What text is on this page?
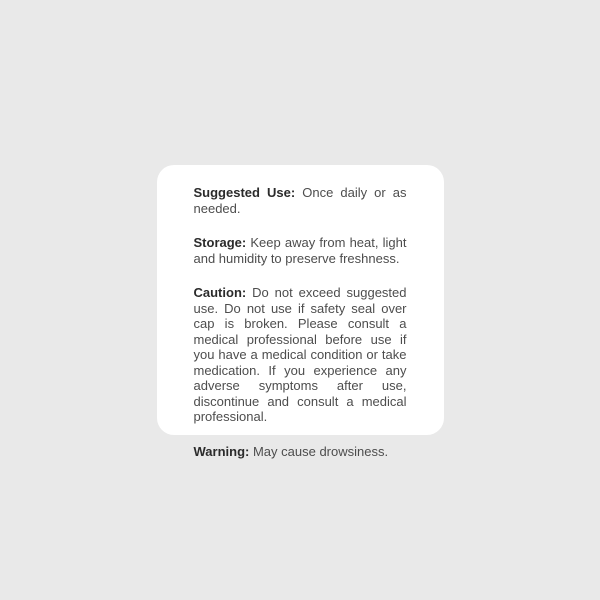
Suggested Use: Once daily or as needed.

Storage: Keep away from heat, light and humidity to preserve freshness.

Caution: Do not exceed suggested use. Do not use if safety seal over cap is broken. Please consult a medical professional before use if you have a medical condition or take medication. If you experience any adverse symptoms after use, discontinue and consult a medical professional.

Warning: May cause drowsiness.
